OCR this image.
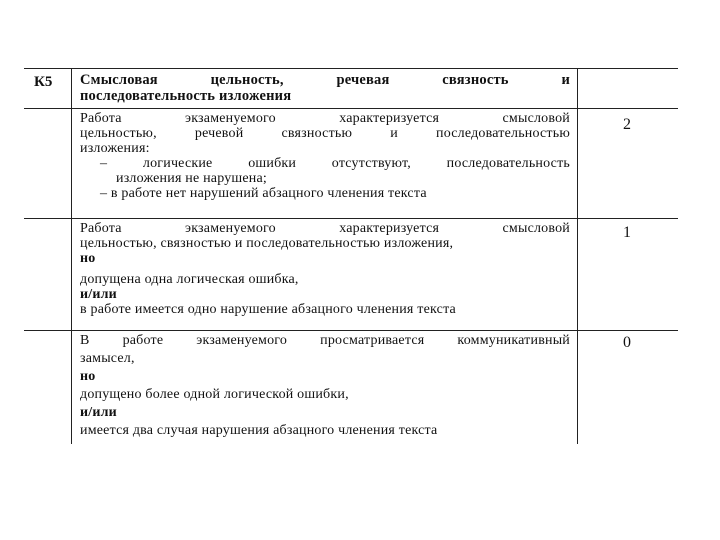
К5 Смысловая цельность, речевая связность и
последовательность изложения
Работа экзаменуемого характеризуется смысловой
цельностью, речевой связностью и последовательностью
изложения:
– логические ошибки отсутствуют, последовательность
изложения не нарушена;
– в работе нет нарушений абзацного членения текста
2
Работа экзаменуемого характеризуется смысловой
цельностью, связностью и последовательностью изложения,
но
допущена одна логическая ошибка,
и/или
в работе имеется одно нарушение абзацного членения текста
1
В работе экзаменуемого просматривается коммуникативный
замысел,
но
допущено более одной логической ошибки,
и/или
имеется два случая нарушения абзацного членения текста
0
